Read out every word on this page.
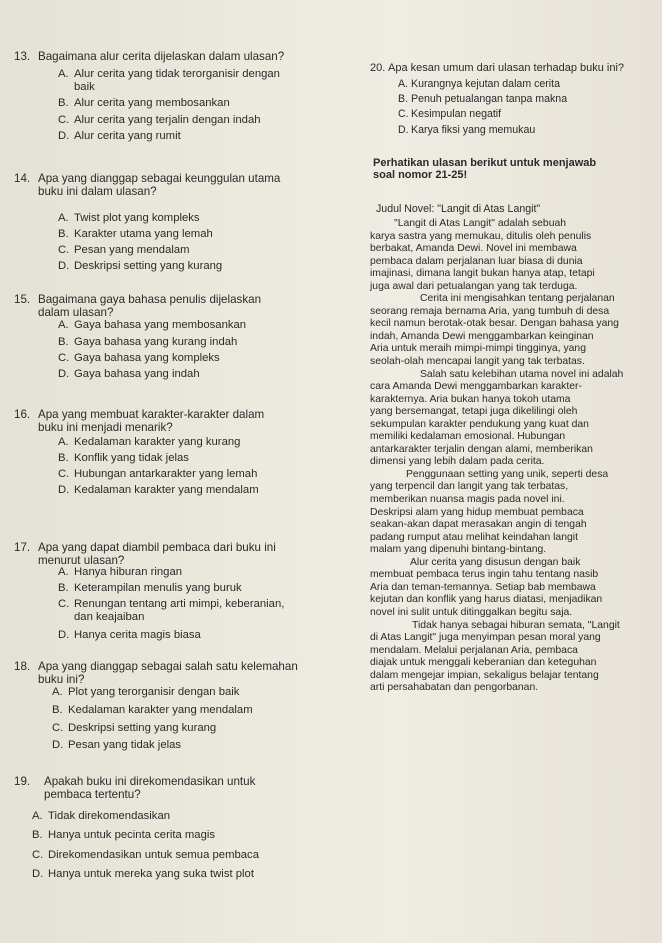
13. Bagaimana alur cerita dijelaskan dalam ulasan?
A. Alur cerita yang tidak terorganisir dengan
baik
B. Alur cerita yang membosankan
C. Alur cerita yang terjalin dengan indah
D. Alur cerita yang rumit
14. Apa yang dianggap sebagai keunggulan utama
buku ini dalam ulasan?
A. Twist plot yang kompleks
B. Karakter utama yang lemah
C. Pesan yang mendalam
D. Deskripsi setting yang kurang
15. Bagaimana gaya bahasa penulis dijelaskan
dalam ulasan?
A. Gaya bahasa yang membosankan
B. Gaya bahasa yang kurang indah
C. Gaya bahasa yang kompleks
D. Gaya bahasa yang indah
16. Apa yang membuat karakter-karakter dalam
buku ini menjadi menarik?
A. Kedalaman karakter yang kurang
B. Konflik yang tidak jelas
C. Hubungan antarkarakter yang lemah
D. Kedalaman karakter yang mendalam
17. Apa yang dapat diambil pembaca dari buku ini
menurut ulasan?
A. Hanya hiburan ringan
B. Keterampilan menulis yang buruk
C. Renungan tentang arti mimpi, keberanian,
dan keajaiban
D. Hanya cerita magis biasa
18. Apa yang dianggap sebagai salah satu kelemahan
buku ini?
A. Plot yang terorganisir dengan baik
B. Kedalaman karakter yang mendalam
C. Deskripsi setting yang kurang
D. Pesan yang tidak jelas
19. Apakah buku ini direkomendasikan untuk
pembaca tertentu?
A. Tidak direkomendasikan
B. Hanya untuk pecinta cerita magis
C. Direkomendasikan untuk semua pembaca
D. Hanya untuk mereka yang suka twist plot
20. Apa kesan umum dari ulasan terhadap buku ini?
A. Kurangnya kejutan dalam cerita
B. Penuh petualangan tanpa makna
C. Kesimpulan negatif
D. Karya fiksi yang memukau
Perhatikan ulasan berikut untuk menjawab
soal nomor 21-25!
Judul Novel: "Langit di Atas Langit"
"Langit di Atas Langit" adalah sebuah
karya sastra yang memukau, ditulis oleh penulis
berbakat, Amanda Dewi. Novel ini membawa
pembaca dalam perjalanan luar biasa di dunia
imajinasi, dimana langit bukan hanya atap, tetapi
juga awal dari petualangan yang tak terduga.
Cerita ini mengisahkan tentang perjalanan
seorang remaja bernama Aria, yang tumbuh di desa
kecil namun berotak-otak besar. Dengan bahasa yang
indah, Amanda Dewi menggambarkan keinginan
Aria untuk meraih mimpi-mimpi tingginya, yang
seolah-olah mencapai langit yang tak terbatas.
Salah satu kelebihan utama novel ini adalah
cara Amanda Dewi menggambarkan karakter-
karakternya. Aria bukan hanya tokoh utama
yang bersemangat, tetapi juga dikelilingi oleh
sekumpulan karakter pendukung yang kuat dan
memiliki kedalaman emosional. Hubungan
antarkarakter terjalin dengan alami, memberikan
dimensi yang lebih dalam pada cerita.
Penggunaan setting yang unik, seperti desa
yang terpencil dan langit yang tak terbatas,
memberikan nuansa magis pada novel ini.
Deskripsi alam yang hidup membuat pembaca
seakan-akan dapat merasakan angin di tengah
padang rumput atau melihat keindahan langit
malam yang dipenuhi bintang-bintang.
Alur cerita yang disusun dengan baik
membuat pembaca terus ingin tahu tentang nasib
Aria dan teman-temannya. Setiap bab membawa
kejutan dan konflik yang harus diatasi, menjadikan
novel ini sulit untuk ditinggalkan begitu saja.
Tidak hanya sebagai hiburan semata, "Langit
di Atas Langit" juga menyimpan pesan moral yang
mendalam. Melalui perjalanan Aria, pembaca
diajak untuk menggali keberanian dan keteguhan
dalam mengejar impian, sekaligus belajar tentang
arti persahabatan dan pengorbanan.
